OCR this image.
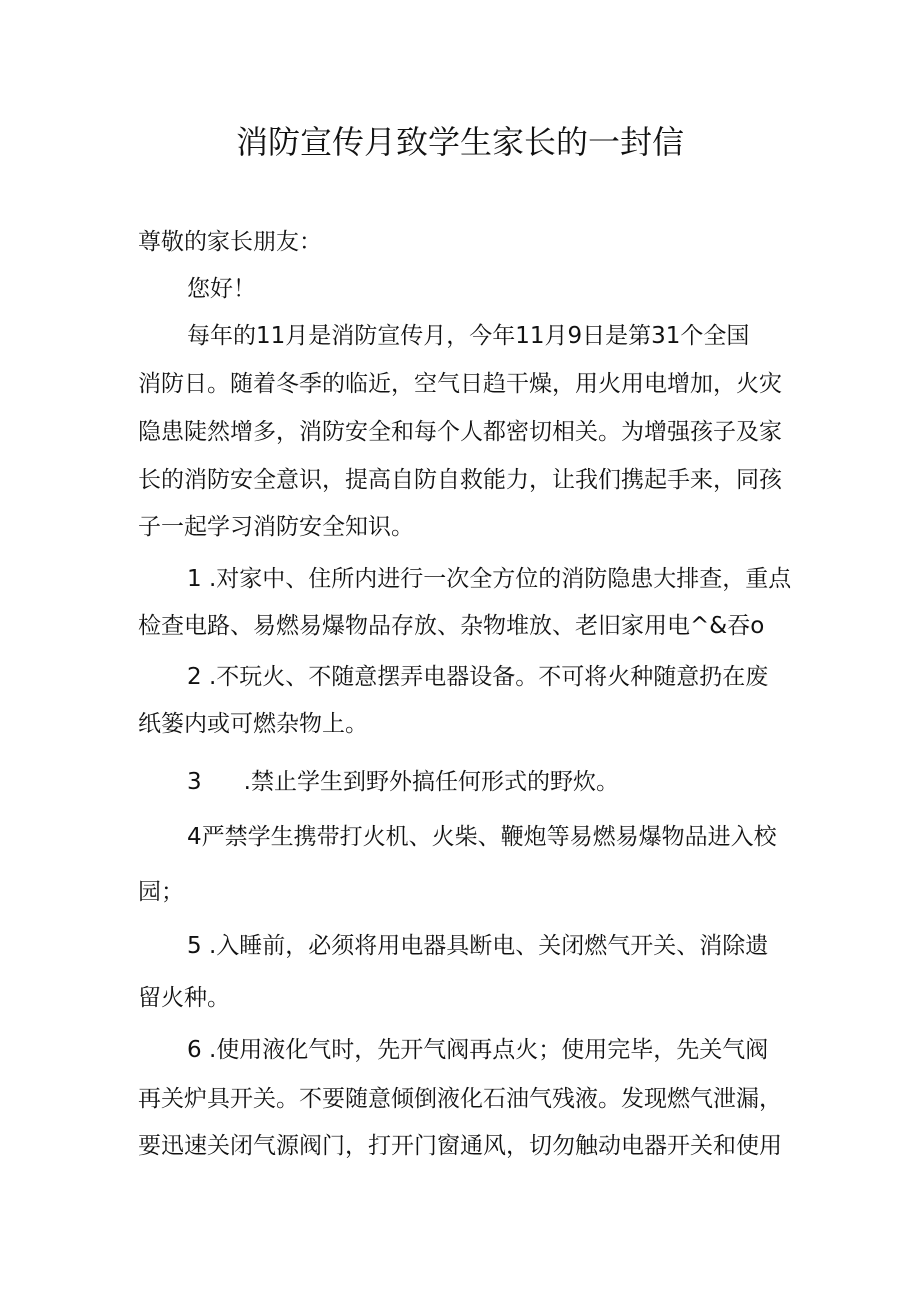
消防宣传月致学生家长的一封信
尊敬的家长朋友：
您好！
每年的11月是消防宣传月，今年11月9日是第31个全国
消防日。随着冬季的临近，空气日趋干燥，用火用电增加，火灾
隐患陡然增多，消防安全和每个人都密切相关。为增强孩子及家
长的消防安全意识，提高自防自救能力，让我们携起手来，同孩
子一起学习消防安全知识。
1 .对家中、住所内进行一次全方位的消防隐患大排查，重点
检查电路、易燃易爆物品存放、杂物堆放、老旧家用电^&吞o
2 .不玩火、不随意摆弄电器设备。不可将火种随意扔在废
纸篓内或可燃杂物上。
3 .禁止学生到野外搞任何形式的野炊。
4严禁学生携带打火机、火柴、鞭炮等易燃易爆物品进入校
园；
5 .入睡前，必须将用电器具断电、关闭燃气开关、消除遗
留火种。
6 .使用液化气时，先开气阀再点火；使用完毕，先关气阀
再关炉具开关。不要随意倾倒液化石油气残液。发现燃气泄漏，
要迅速关闭气源阀门，打开门窗通风，切勿触动电器开关和使用
